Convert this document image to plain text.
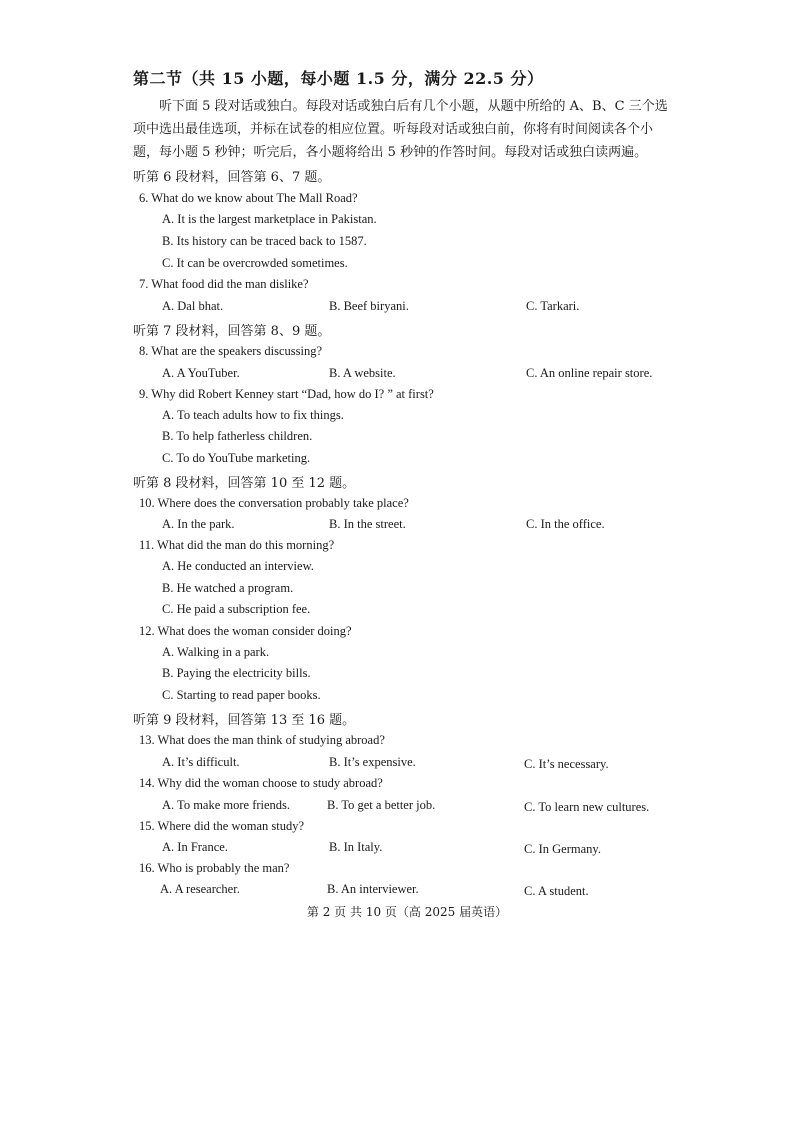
第二节（共 15 小题，每小题 1.5 分，满分 22.5 分）
听下面 5 段对话或独白。每段对话或独白后有几个小题，从题中所给的 A、B、C 三个选项中选出最佳选项，并标在试卷的相应位置。听每段对话或独白前，你将有时间阅读各个小题，每小题 5 秒钟；听完后，各小题将给出 5 秒钟的作答时间。每段对话或独白读两遍。
听第 6 段材料，回答第 6、7 题。
6. What do we know about The Mall Road?
A. It is the largest marketplace in Pakistan.
B. Its history can be traced back to 1587.
C. It can be overcrowded sometimes.
7. What food did the man dislike?
A. Dal bhat.	B. Beef biryani.	C. Tarkari.
听第 7 段材料，回答第 8、9 题。
8. What are the speakers discussing?
A. A YouTuber.	B. A website.	C. An online repair store.
9. Why did Robert Kenney start “Dad, how do I? ” at first?
A. To teach adults how to fix things.
B. To help fatherless children.
C. To do YouTube marketing.
听第 8 段材料，回答第 10 至 12 题。
10. Where does the conversation probably take place?
A. In the park.	B. In the street.	C. In the office.
11. What did the man do this morning?
A. He conducted an interview.
B. He watched a program.
C. He paid a subscription fee.
12. What does the woman consider doing?
A. Walking in a park.
B. Paying the electricity bills.
C. Starting to read paper books.
听第 9 段材料，回答第 13 至 16 题。
13. What does the man think of studying abroad?
A. It’s difficult.	B. It’s expensive.	C. It’s necessary.
14. Why did the woman choose to study abroad?
A. To make more friends.	B. To get a better job.	C. To learn new cultures.
15. Where did the woman study?
A. In France.	B. In Italy.	C. In Germany.
16. Who is probably the man?
A. A researcher.	B. An interviewer.	C. A student.
第 2 页 共 10 页（高 2025 届英语）
